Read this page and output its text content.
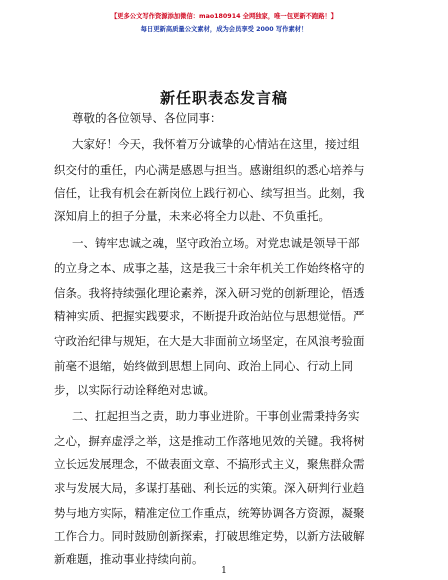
【更多公文写作资源添加微信：mao180914 全网独家，唯一包更新不跑路！】
每日更新高质量公文素材，成为会员享受 2000 写作素材！
新任职表态发言稿
尊敬的各位领导、各位同事：
大家好！今天，我怀着万分诚挚的心情站在这里，接过组
织交付的重任，内心满是感恩与担当。感谢组织的悉心培养与
信任，让我有机会在新岗位上践行初心、续写担当。此刻，我
深知肩上的担子分量，未来必将全力以赴、不负重托。
一、铸牢忠诚之魂，坚守政治立场。对党忠诚是领导干部
的立身之本、成事之基，这是我三十余年机关工作始终格守的
信条。我将持续强化理论素养，深入研习党的创新理论，悟透
精神实质、把握实践要求，不断提升政治站位与思想觉悟。严
守政治纪律与规矩，在大是大非面前立场坚定，在风浪考验面
前毫不退缩，始终做到思想上同向、政治上同心、行动上同
步，以实际行动诠释绝对忠诚。
二、扛起担当之责，助力事业进阶。干事创业需秉持务实
之心，摒弃虚浮之举，这是推动工作落地见效的关键。我将树
立长远发展理念，不做表面文章、不搞形式主义，聚焦群众需
求与发展大局，多谋打基础、利长远的实策。深入研判行业趋
势与地方实际，精准定位工作重点，统筹协调各方资源，凝聚
工作合力。同时鼓励创新探索，打破思维定势，以新方法破解
新难题，推动事业持续向前。
1
